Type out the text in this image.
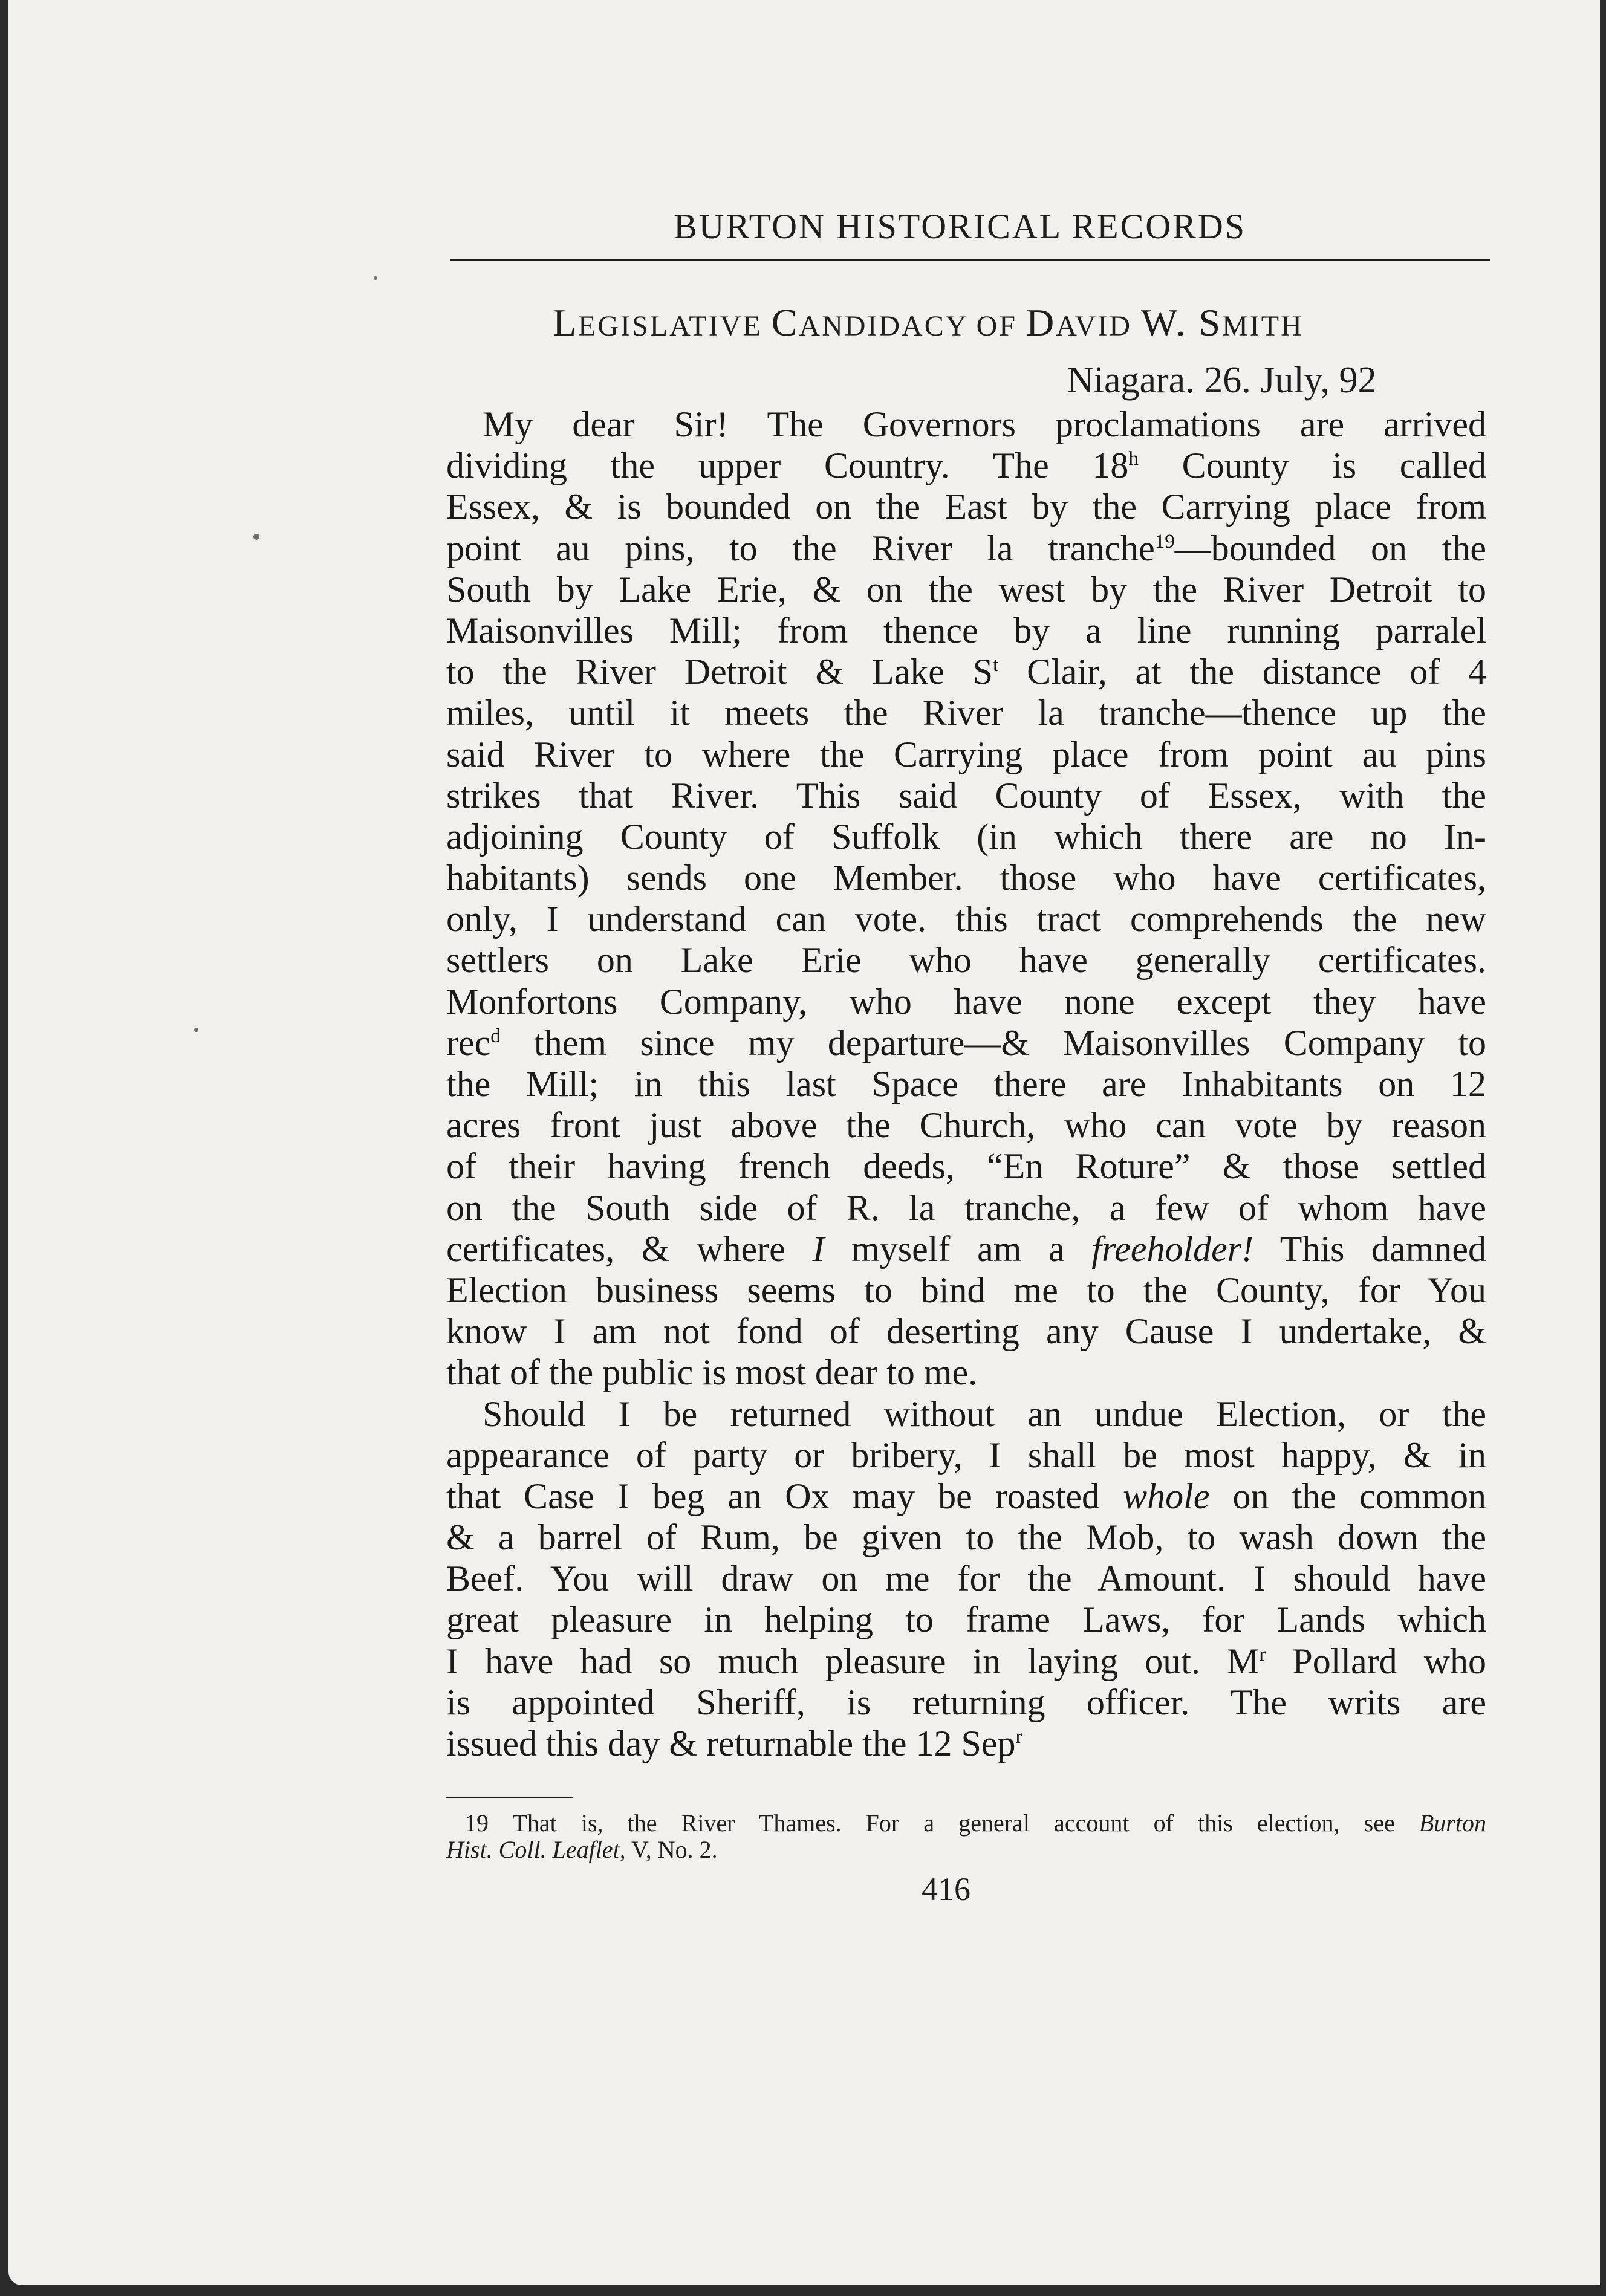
BURTON HISTORICAL RECORDS
LEGISLATIVE CANDIDACY OF DAVID W. SMITH
Niagara. 26. July, 92
My dear Sir! The Governors proclamations are arrived
dividing the upper Country. The 18$^h$ County is called
Essex, & is bounded on the East by the Carrying place from
point au pins, to the River la tranche$^{19}$—bounded on the
South by Lake Erie, & on the west by the River Detroit to
Maisonvilles Mill; from thence by a line running parralel
to the River Detroit & Lake $S^t$ Clair, at the distance of 4
miles, until it meets the River la tranche—thence up the
said River to where the Carrying place from point au pins
strikes that River. This said County of Essex, with the
adjoining County of Suffolk (in which there are no In-
habitants) sends one Member. those who have certificates,
only, I understand can vote. this tract comprehends the new
settlers on Lake Erie who have generally certificates.
Monfortons Company, who have none except they have
rec$^d$ them since my departure—& Maisonvilles Company to
the Mill; in this last Space there are Inhabitants on 12
acres front just above the Church, who can vote by reason
of their having french deeds, “En Roture” & those settled
on the South side of R. la tranche, a few of whom have
certificates, & where I myself am a freeholder! This damned
Election business seems to bind me to the County, for You
know I am not fond of deserting any Cause I undertake, &
that of the public is most dear to me.
Should I be returned without an undue Election, or the
appearance of party or bribery, I shall be most happy, & in
that Case I beg an Ox may be roasted whole on the common
& a barrel of Rum, be given to the Mob, to wash down the
Beef. You will draw on me for the Amount. I should have
great pleasure in helping to frame Laws, for Lands which
I have had so much pleasure in laying out. $M^r$ Pollard who
is appointed Sheriff, is returning officer. The writs are
issued this day & returnable the 12 Sep$^r$
19 That is, the River Thames. For a general account of this election, see Burton
Hist. Coll. Leaflet, V, No. 2.
416
